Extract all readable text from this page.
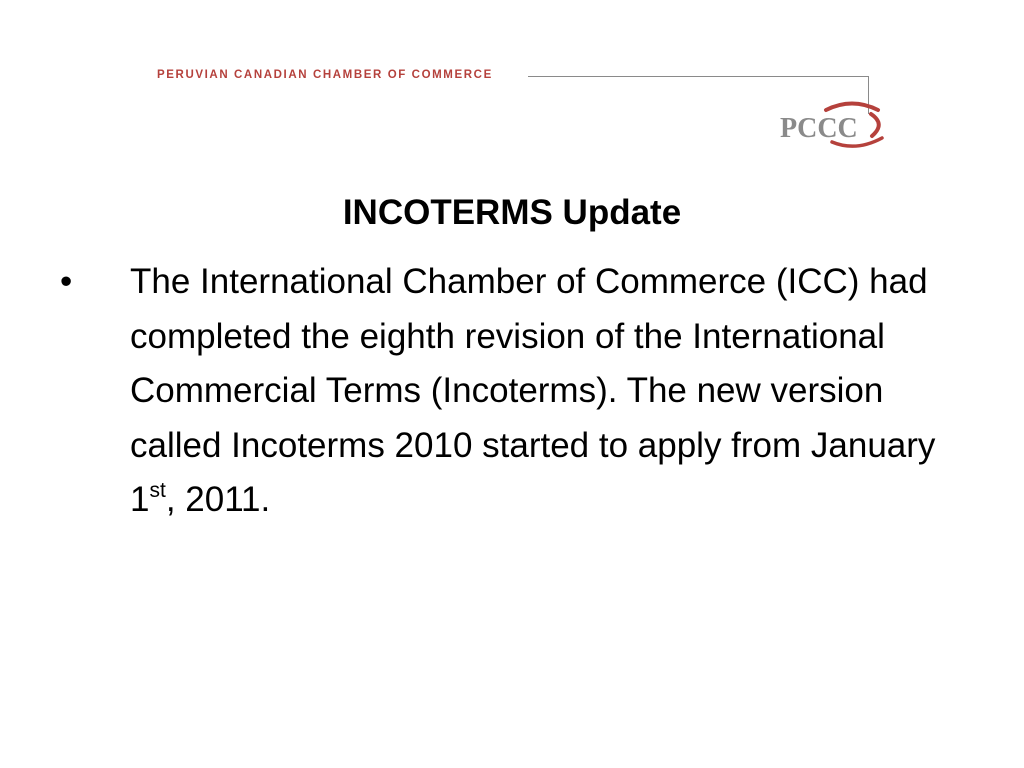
PERUVIAN CANADIAN CHAMBER OF COMMERCE
PCCC
INCOTERMS Update
• The International Chamber of Commerce (ICC) had completed the eighth revision of the International Commercial Terms (Incoterms). The new version called Incoterms 2010 started to apply from January 1st, 2011.
